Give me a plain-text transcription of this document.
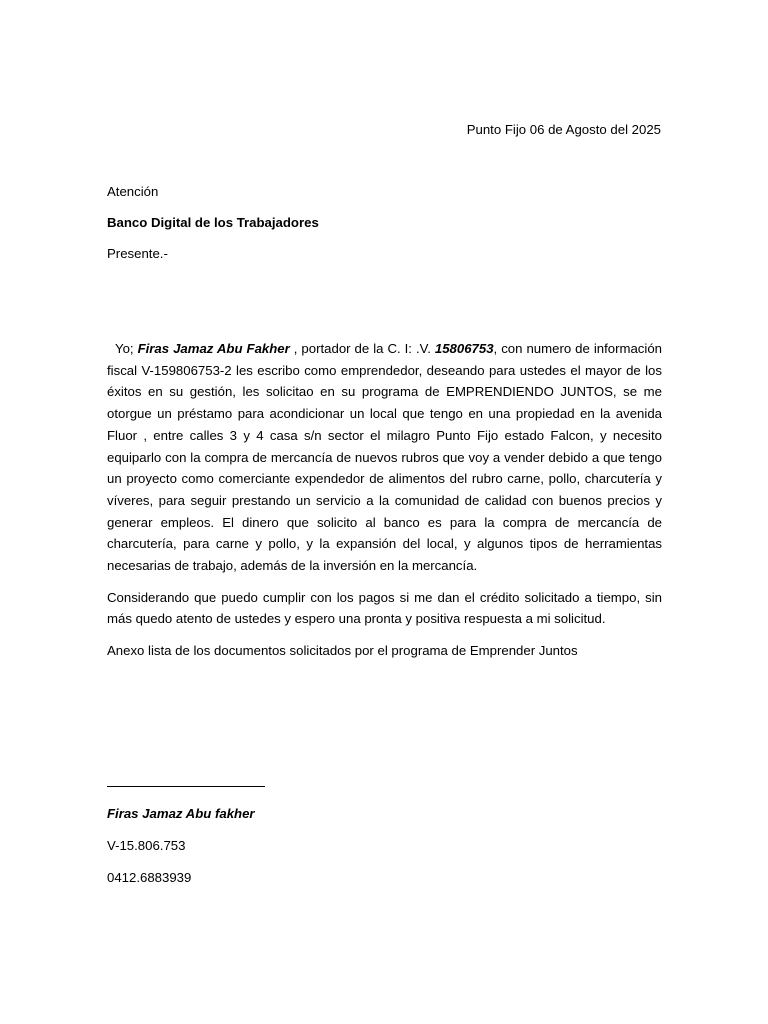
Punto Fijo 06 de Agosto del 2025
Atención
Banco Digital de los Trabajadores
Presente.-

Yo; Firas Jamaz Abu Fakher , portador de la C. I: .V. 15806753, con numero de información fiscal V-159806753-2 les escribo como emprendedor, deseando para ustedes el mayor de los éxitos en su gestión, les solicitao en su programa de EMPRENDIENDO JUNTOS, se me otorgue un préstamo para acondicionar un local que tengo en una propiedad en la avenida Fluor , entre calles 3 y 4 casa s/n sector el milagro Punto Fijo estado Falcon, y necesito equiparlo con la compra de mercancía de nuevos rubros que voy a vender debido a que tengo un proyecto como comerciante expendedor de alimentos del rubro carne, pollo, charcutería y víveres, para seguir prestando un servicio a la comunidad de calidad con buenos precios y generar empleos. El dinero que solicito al banco es para la compra de mercancía de charcutería, para carne y pollo, y la expansión del local, y algunos tipos de herramientas necesarias de trabajo, además de la inversión en la mercancía.

Considerando que puedo cumplir con los pagos si me dan el crédito solicitado a tiempo, sin más quedo atento de ustedes y espero una pronta y positiva respuesta a mi solicitud.

Anexo lista de los documentos solicitados por el programa de Emprender Juntos

Firas Jamaz Abu fakher
V-15.806.753
0412.6883939
